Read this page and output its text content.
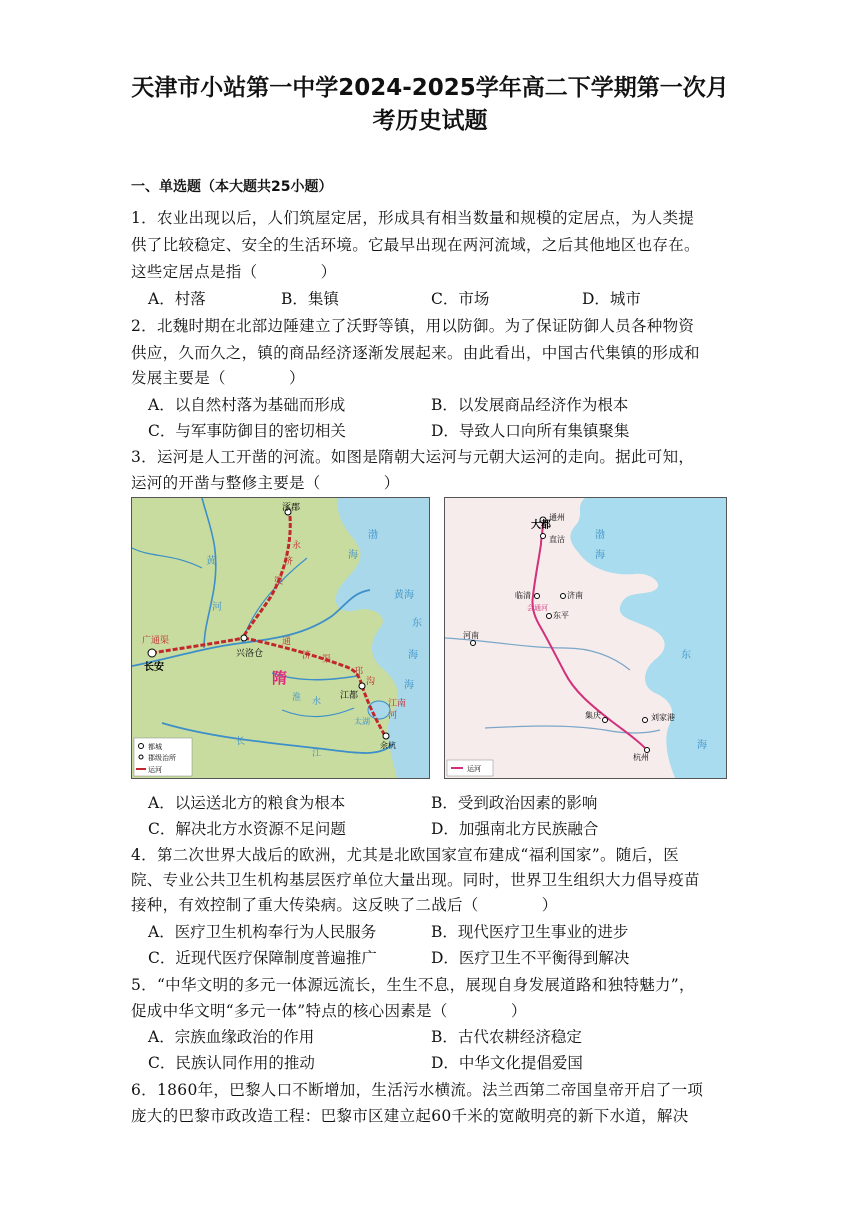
天津市小站第一中学2024-2025学年高二下学期第一次月
考历史试题
一、单选题（本大题共25小题）
1．农业出现以后，人们筑屋定居，形成具有相当数量和规模的定居点，为人类提
供了比较稳定、安全的生活环境。它最早出现在两河流域，之后其他地区也存在。
这些定居点是指（　　　　）
A．村落	B．集镇	C．市场	D．城市
2．北魏时期在北部边陲建立了沃野等镇，用以防御。为了保证防御人员各种物资
供应，久而久之，镇的商品经济逐渐发展起来。由此看出，中国古代集镇的形成和
发展主要是（　　　　）
A．以自然村落为基础而形成	B．以发展商品经济作为根本
C．与军事防御目的密切相关	D．导致人口向所有集镇聚集
3．运河是人工开凿的河流。如图是隋朝大运河与元朝大运河的走向。据此可知，
运河的开凿与整修主要是（　　　　）
涿郡
永
济
渠
黄
河
广通渠
长安
兴洛仓
通
济 渠
隋
淮 水
邗
沟
江都
太湖
江南
河
余杭
长
江
渤
海
黄海
东
海
海
都城
郡级治所
运河
大都
通州
直沽
临清	济南
东平
会通河
河南
集庆	刘家港
杭州
渤
海
东
海
运河
A．以运送北方的粮食为根本	B．受到政治因素的影响
C．解决北方水资源不足问题	D．加强南北方民族融合
4．第二次世界大战后的欧洲，尤其是北欧国家宣布建成“福利国家”。随后，医
院、专业公共卫生机构基层医疗单位大量出现。同时，世界卫生组织大力倡导疫苗
接种，有效控制了重大传染病。这反映了二战后（　　　　）
A．医疗卫生机构奉行为人民服务	B．现代医疗卫生事业的进步
C．近现代医疗保障制度普遍推广	D．医疗卫生不平衡得到解决
5．“中华文明的多元一体源远流长，生生不息，展现自身发展道路和独特魅力”，
促成中华文明“多元一体”特点的核心因素是（　　　　）
A．宗族血缘政治的作用	B．古代农耕经济稳定
C．民族认同作用的推动	D．中华文化提倡爱国
6．1860年，巴黎人口不断增加，生活污水横流。法兰西第二帝国皇帝开启了一项
庞大的巴黎市政改造工程：巴黎市区建立起60千米的宽敞明亮的新下水道，解决
